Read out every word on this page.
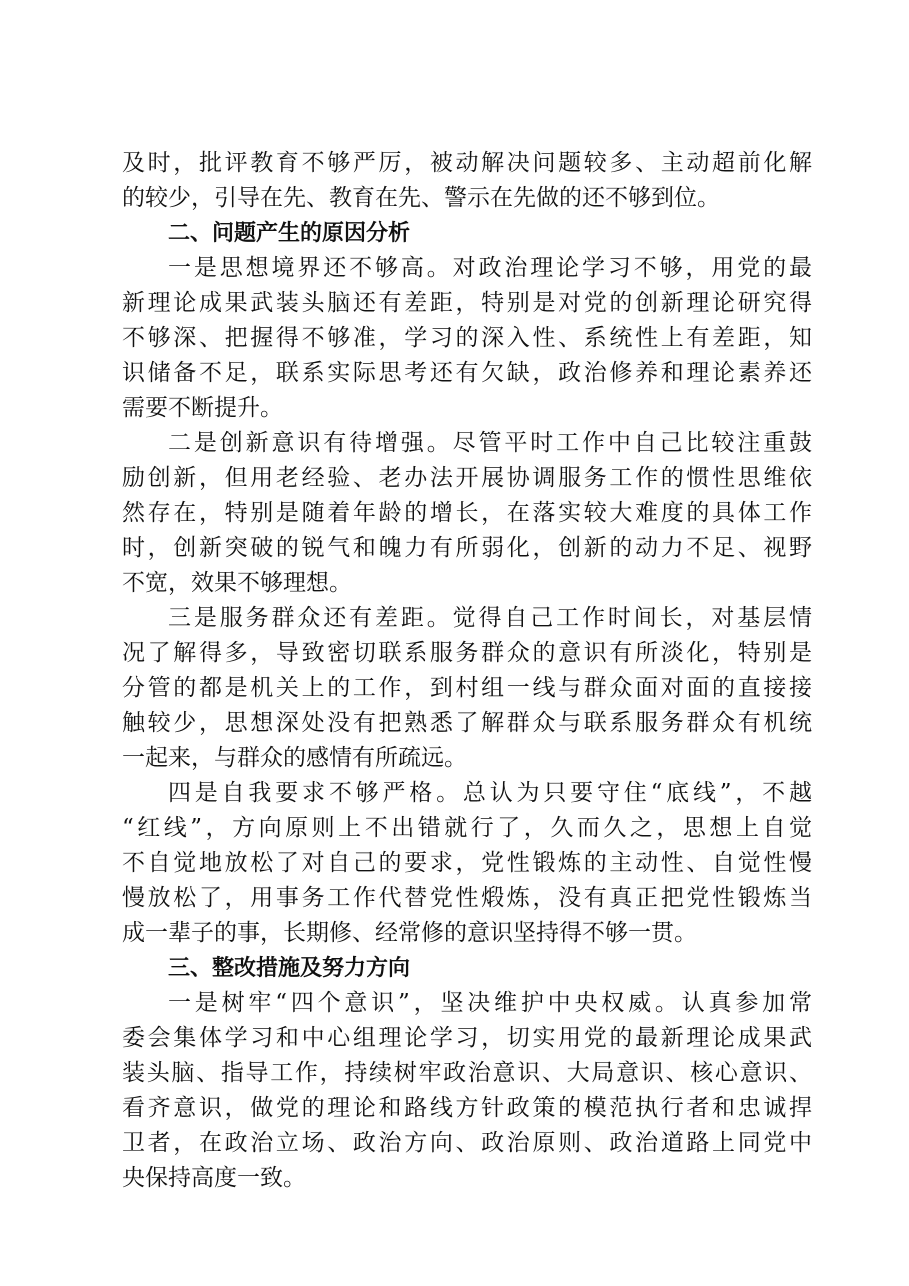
及时，批评教育不够严厉，被动解决问题较多、主动超前化解
的较少，引导在先、教育在先、警示在先做的还不够到位。
二、问题产生的原因分析
一是思想境界还不够高。对政治理论学习不够，用党的最
新理论成果武装头脑还有差距，特别是对党的创新理论研究得
不够深、把握得不够准，学习的深入性、系统性上有差距，知
识储备不足，联系实际思考还有欠缺，政治修养和理论素养还
需要不断提升。
二是创新意识有待增强。尽管平时工作中自己比较注重鼓
励创新，但用老经验、老办法开展协调服务工作的惯性思维依
然存在，特别是随着年龄的增长，在落实较大难度的具体工作
时，创新突破的锐气和魄力有所弱化，创新的动力不足、视野
不宽，效果不够理想。
三是服务群众还有差距。觉得自己工作时间长，对基层情
况了解得多，导致密切联系服务群众的意识有所淡化，特别是
分管的都是机关上的工作，到村组一线与群众面对面的直接接
触较少，思想深处没有把熟悉了解群众与联系服务群众有机统
一起来，与群众的感情有所疏远。
四是自我要求不够严格。总认为只要守住“底线”，不越
“红线”，方向原则上不出错就行了，久而久之，思想上自觉
不自觉地放松了对自己的要求，党性锻炼的主动性、自觉性慢
慢放松了，用事务工作代替党性煅炼，没有真正把党性锻炼当
成一辈子的事，长期修、经常修的意识坚持得不够一贯。
三、整改措施及努力方向
一是树牢“四个意识”，坚决维护中央权威。认真参加常
委会集体学习和中心组理论学习，切实用党的最新理论成果武
装头脑、指导工作，持续树牢政治意识、大局意识、核心意识、
看齐意识，做党的理论和路线方针政策的模范执行者和忠诚捍
卫者，在政治立场、政治方向、政治原则、政治道路上同党中
央保持高度一致。
